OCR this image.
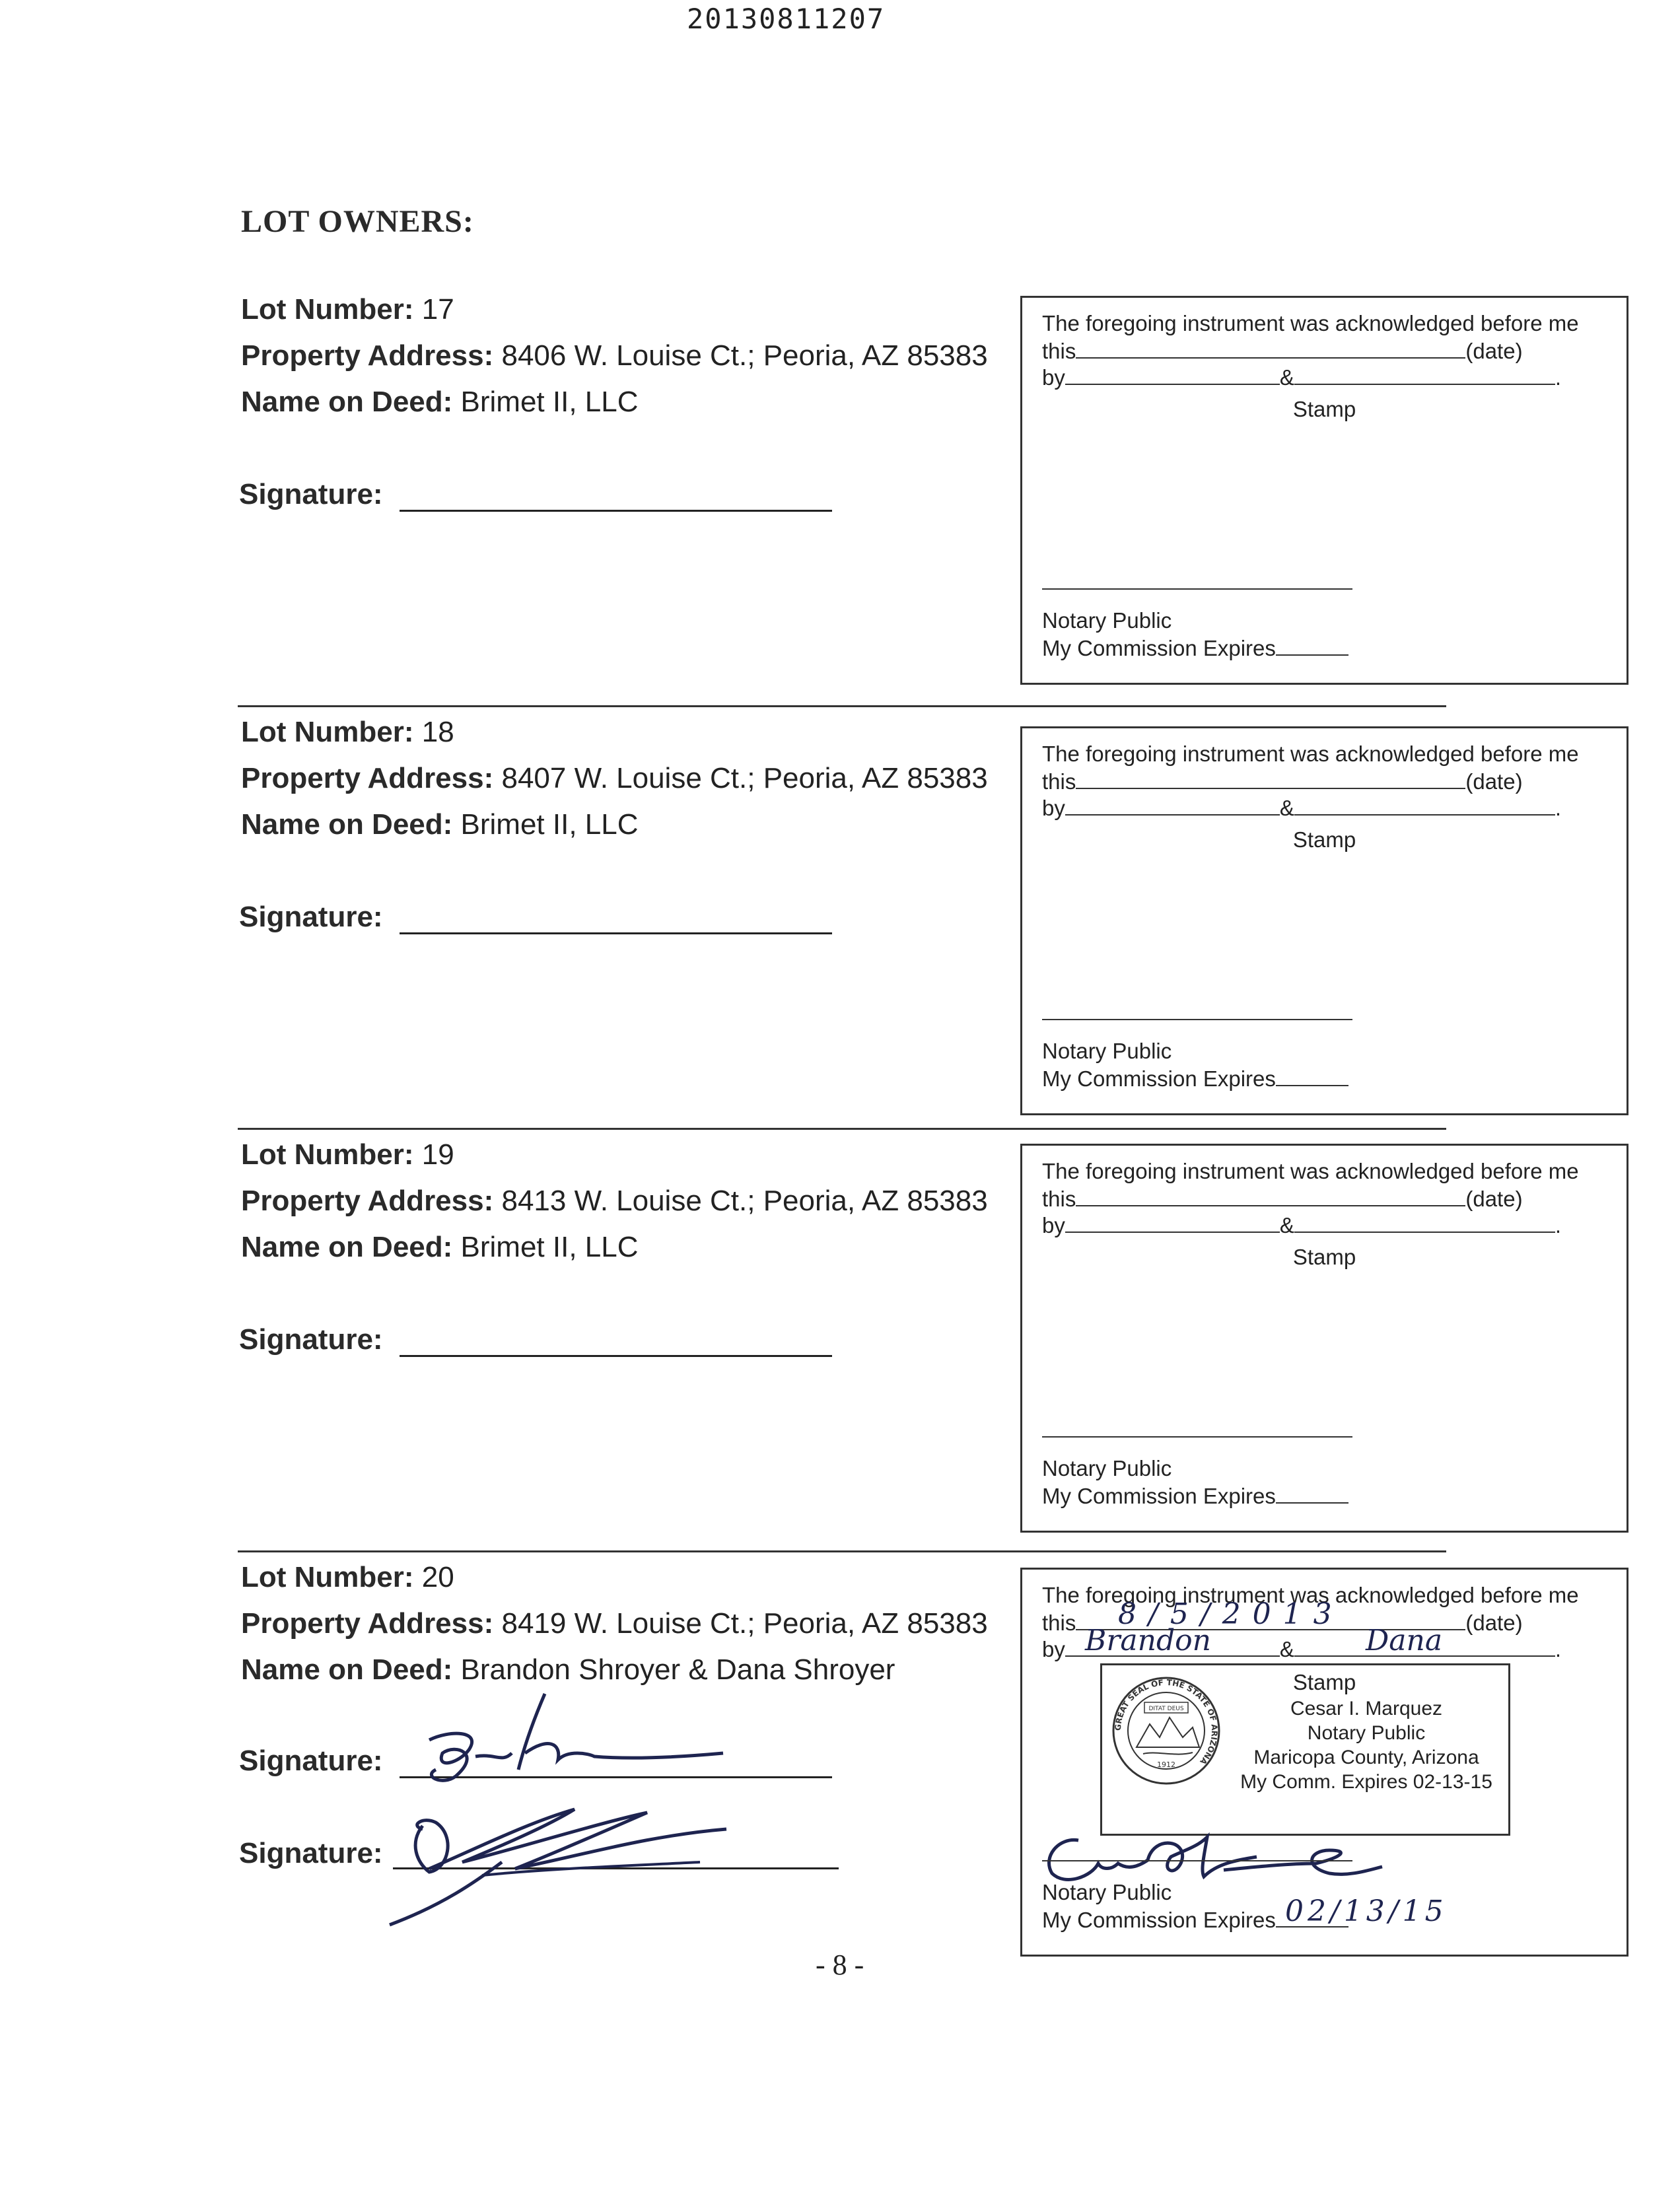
20130811207
LOT OWNERS:
Lot Number: 17
Property Address: 8406 W. Louise Ct.; Peoria, AZ 85383
Name on Deed: Brimet II, LLC
Signature:
The foregoing instrument was acknowledged before me
this	(date)
by	&	.
Stamp
Notary Public
My Commission Expires
Lot Number: 18
Property Address: 8407 W. Louise Ct.; Peoria, AZ 85383
Name on Deed: Brimet II, LLC
Signature:
The foregoing instrument was acknowledged before me
this	(date)
by	&	.
Stamp
Notary Public
My Commission Expires
Lot Number: 19
Property Address: 8413 W. Louise Ct.; Peoria, AZ 85383
Name on Deed: Brimet II, LLC
Signature:
The foregoing instrument was acknowledged before me
this	(date)
by	&	.
Stamp
Notary Public
My Commission Expires
Lot Number: 20
Property Address: 8419 W. Louise Ct.; Peoria, AZ 85383
Name on Deed: Brandon Shroyer & Dana Shroyer
Signature:
Signature:
The foregoing instrument was acknowledged before me
this	(date)
8/5/2013
by	&	.
Brandon	Dana
Stamp
GREAT SEAL OF THE STATE OF ARIZONA
DITAT DEUS
1912
Cesar I. Marquez
Notary Public
Maricopa County, Arizona
My Comm. Expires 02-13-15
Notary Public
My Commission Expires 02/13/15
- 8 -
